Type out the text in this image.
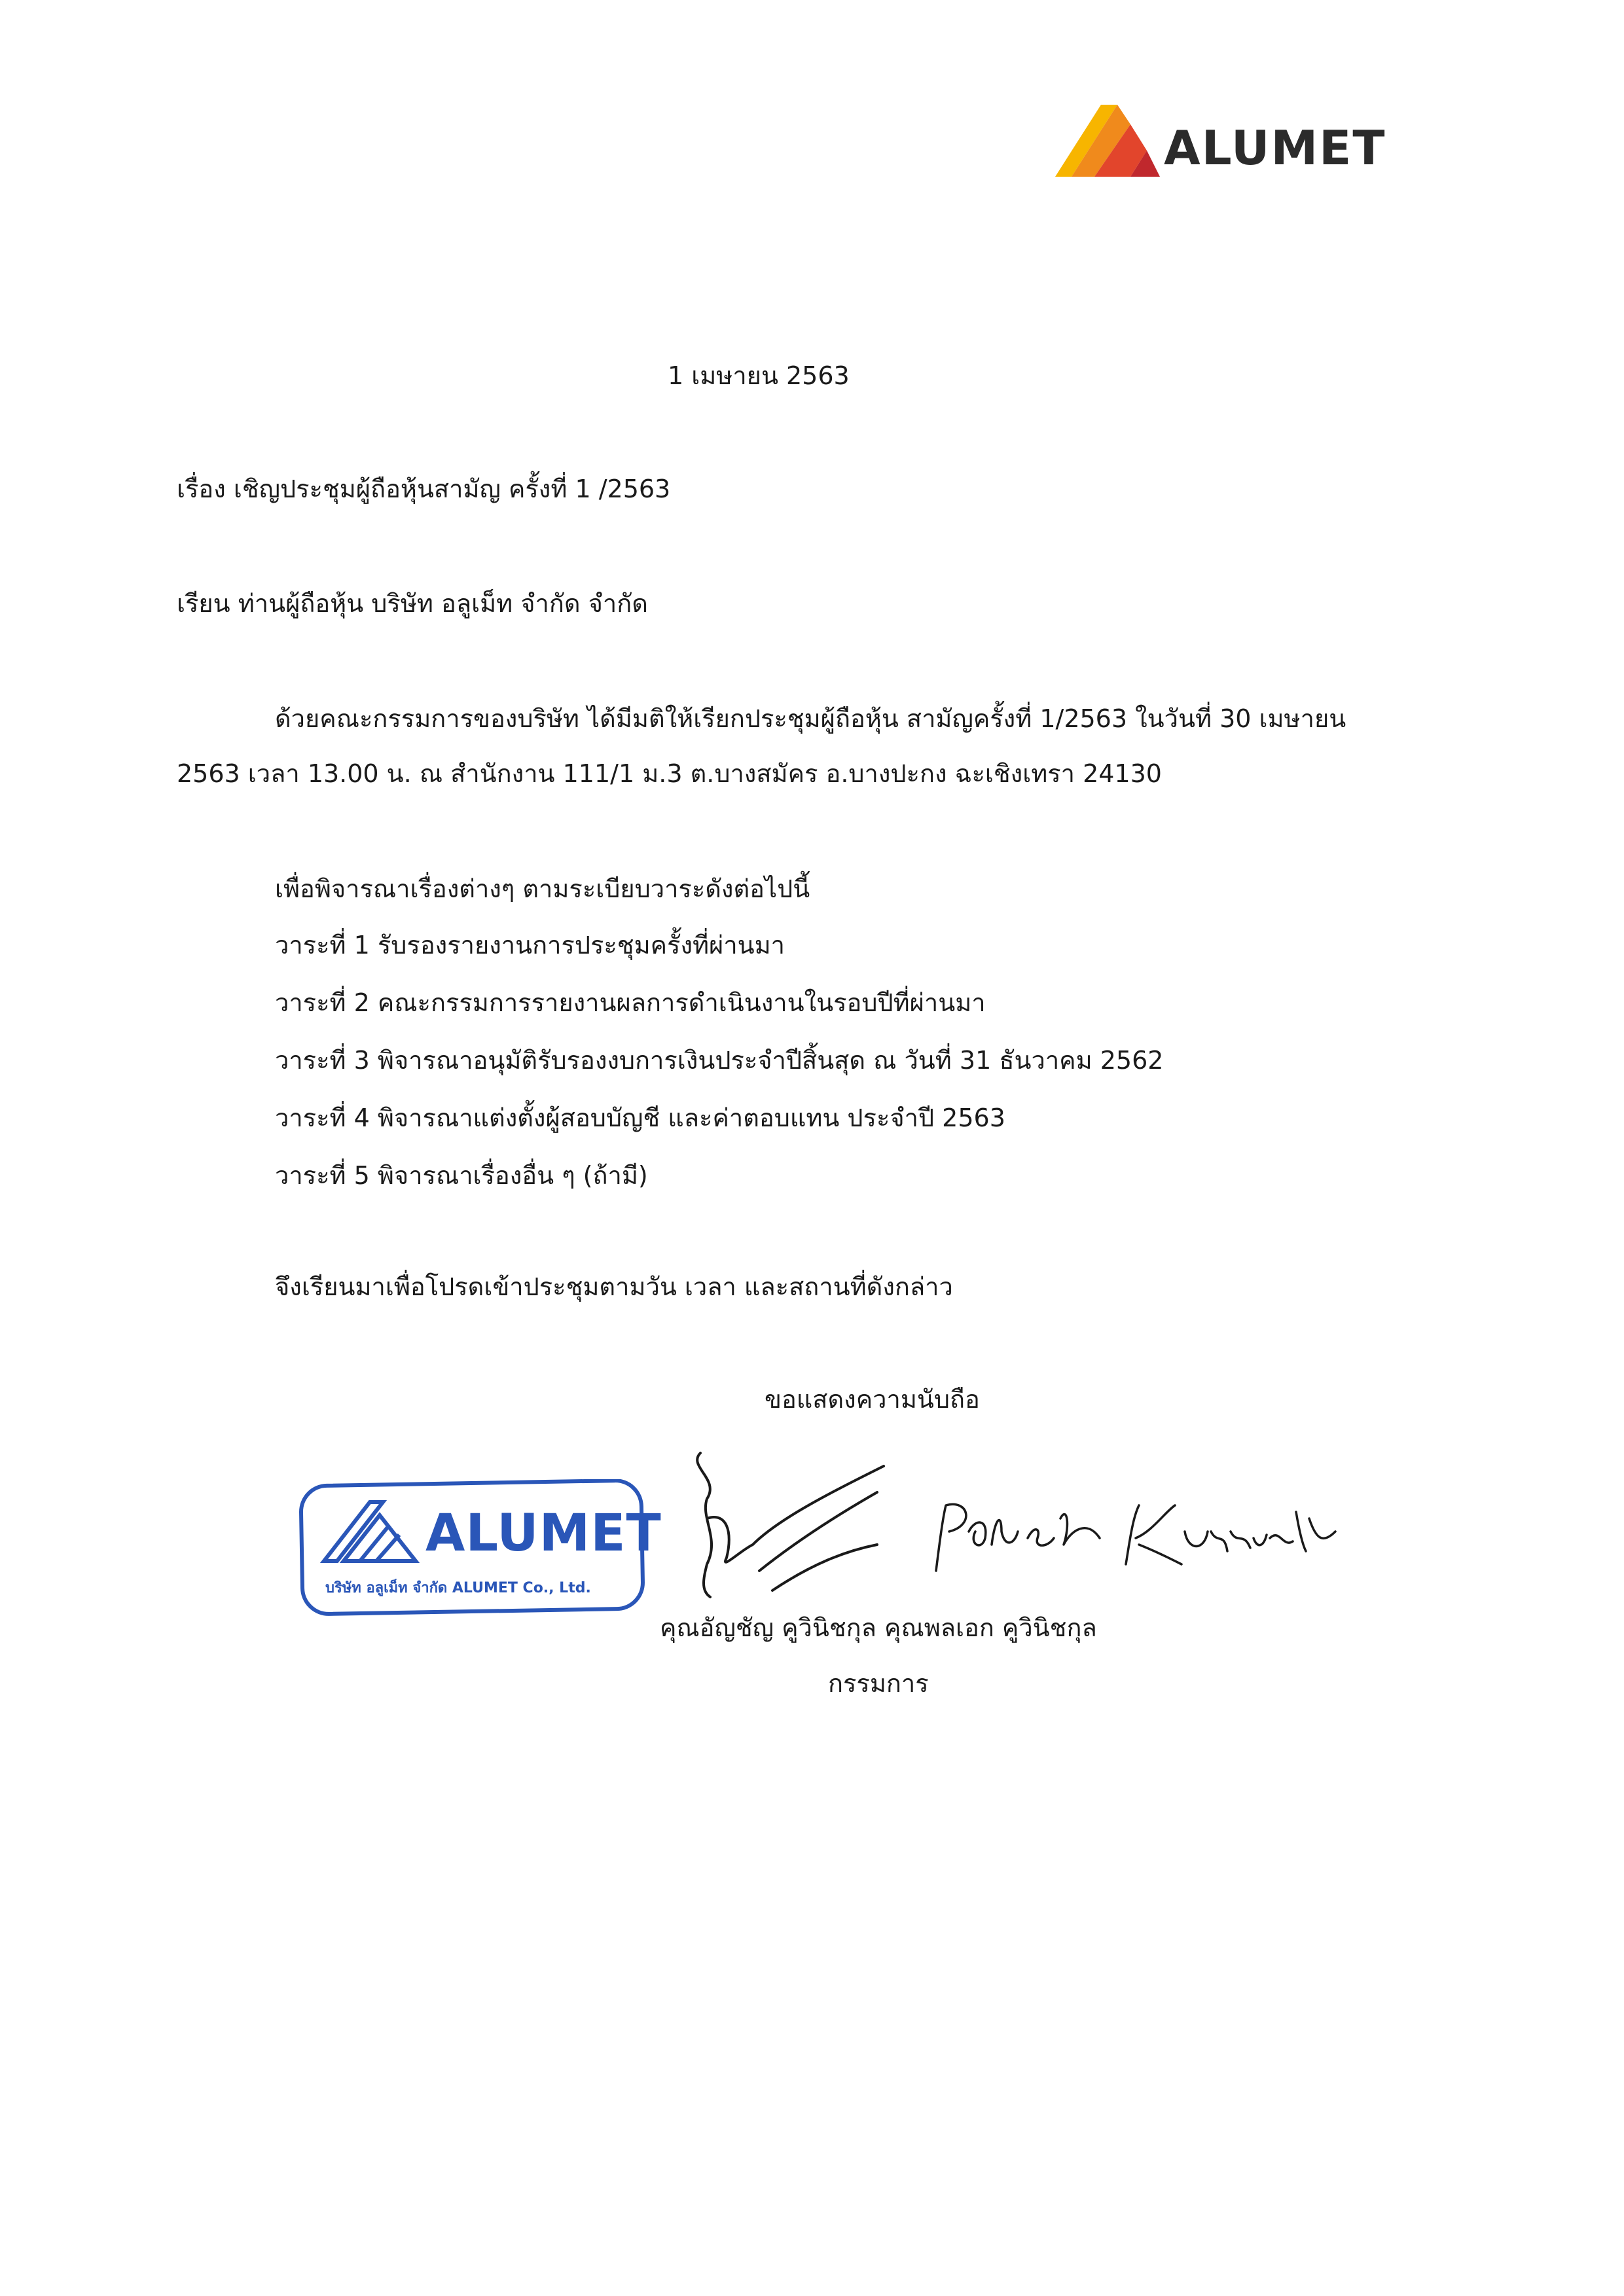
ALUMET
1 เมษายน 2563
เรื่อง เชิญประชุมผู้ถือหุ้นสามัญ ครั้งที่ 1 /2563
เรียน ท่านผู้ถือหุ้น บริษัท อลูเม็ท จำกัด จำกัด
ด้วยคณะกรรมการของบริษัท ได้มีมติให้เรียกประชุมผู้ถือหุ้น สามัญครั้งที่ 1/2563 ในวันที่ 30 เมษายน
2563 เวลา 13.00 น. ณ สำนักงาน 111/1 ม.3 ต.บางสมัคร อ.บางปะกง ฉะเชิงเทรา 24130
เพื่อพิจารณาเรื่องต่างๆ ตามระเบียบวาระดังต่อไปนี้
วาระที่ 1 รับรองรายงานการประชุมครั้งที่ผ่านมา
วาระที่ 2 คณะกรรมการรายงานผลการดำเนินงานในรอบปีที่ผ่านมา
วาระที่ 3 พิจารณาอนุมัติรับรองงบการเงินประจำปีสิ้นสุด ณ วันที่ 31 ธันวาคม 2562
วาระที่ 4 พิจารณาแต่งตั้งผู้สอบบัญชี และค่าตอบแทน ประจำปี 2563
วาระที่ 5 พิจารณาเรื่องอื่น ๆ (ถ้ามี)
จึงเรียนมาเพื่อโปรดเข้าประชุมตามวัน เวลา และสถานที่ดังกล่าว
ขอแสดงความนับถือ
ALUMET
บริษัท อลูเม็ท จำกัด ALUMET Co., Ltd.
คุณอัญชัญ คูวินิชกุล คุณพลเอก คูวินิชกุล
กรรมการ
